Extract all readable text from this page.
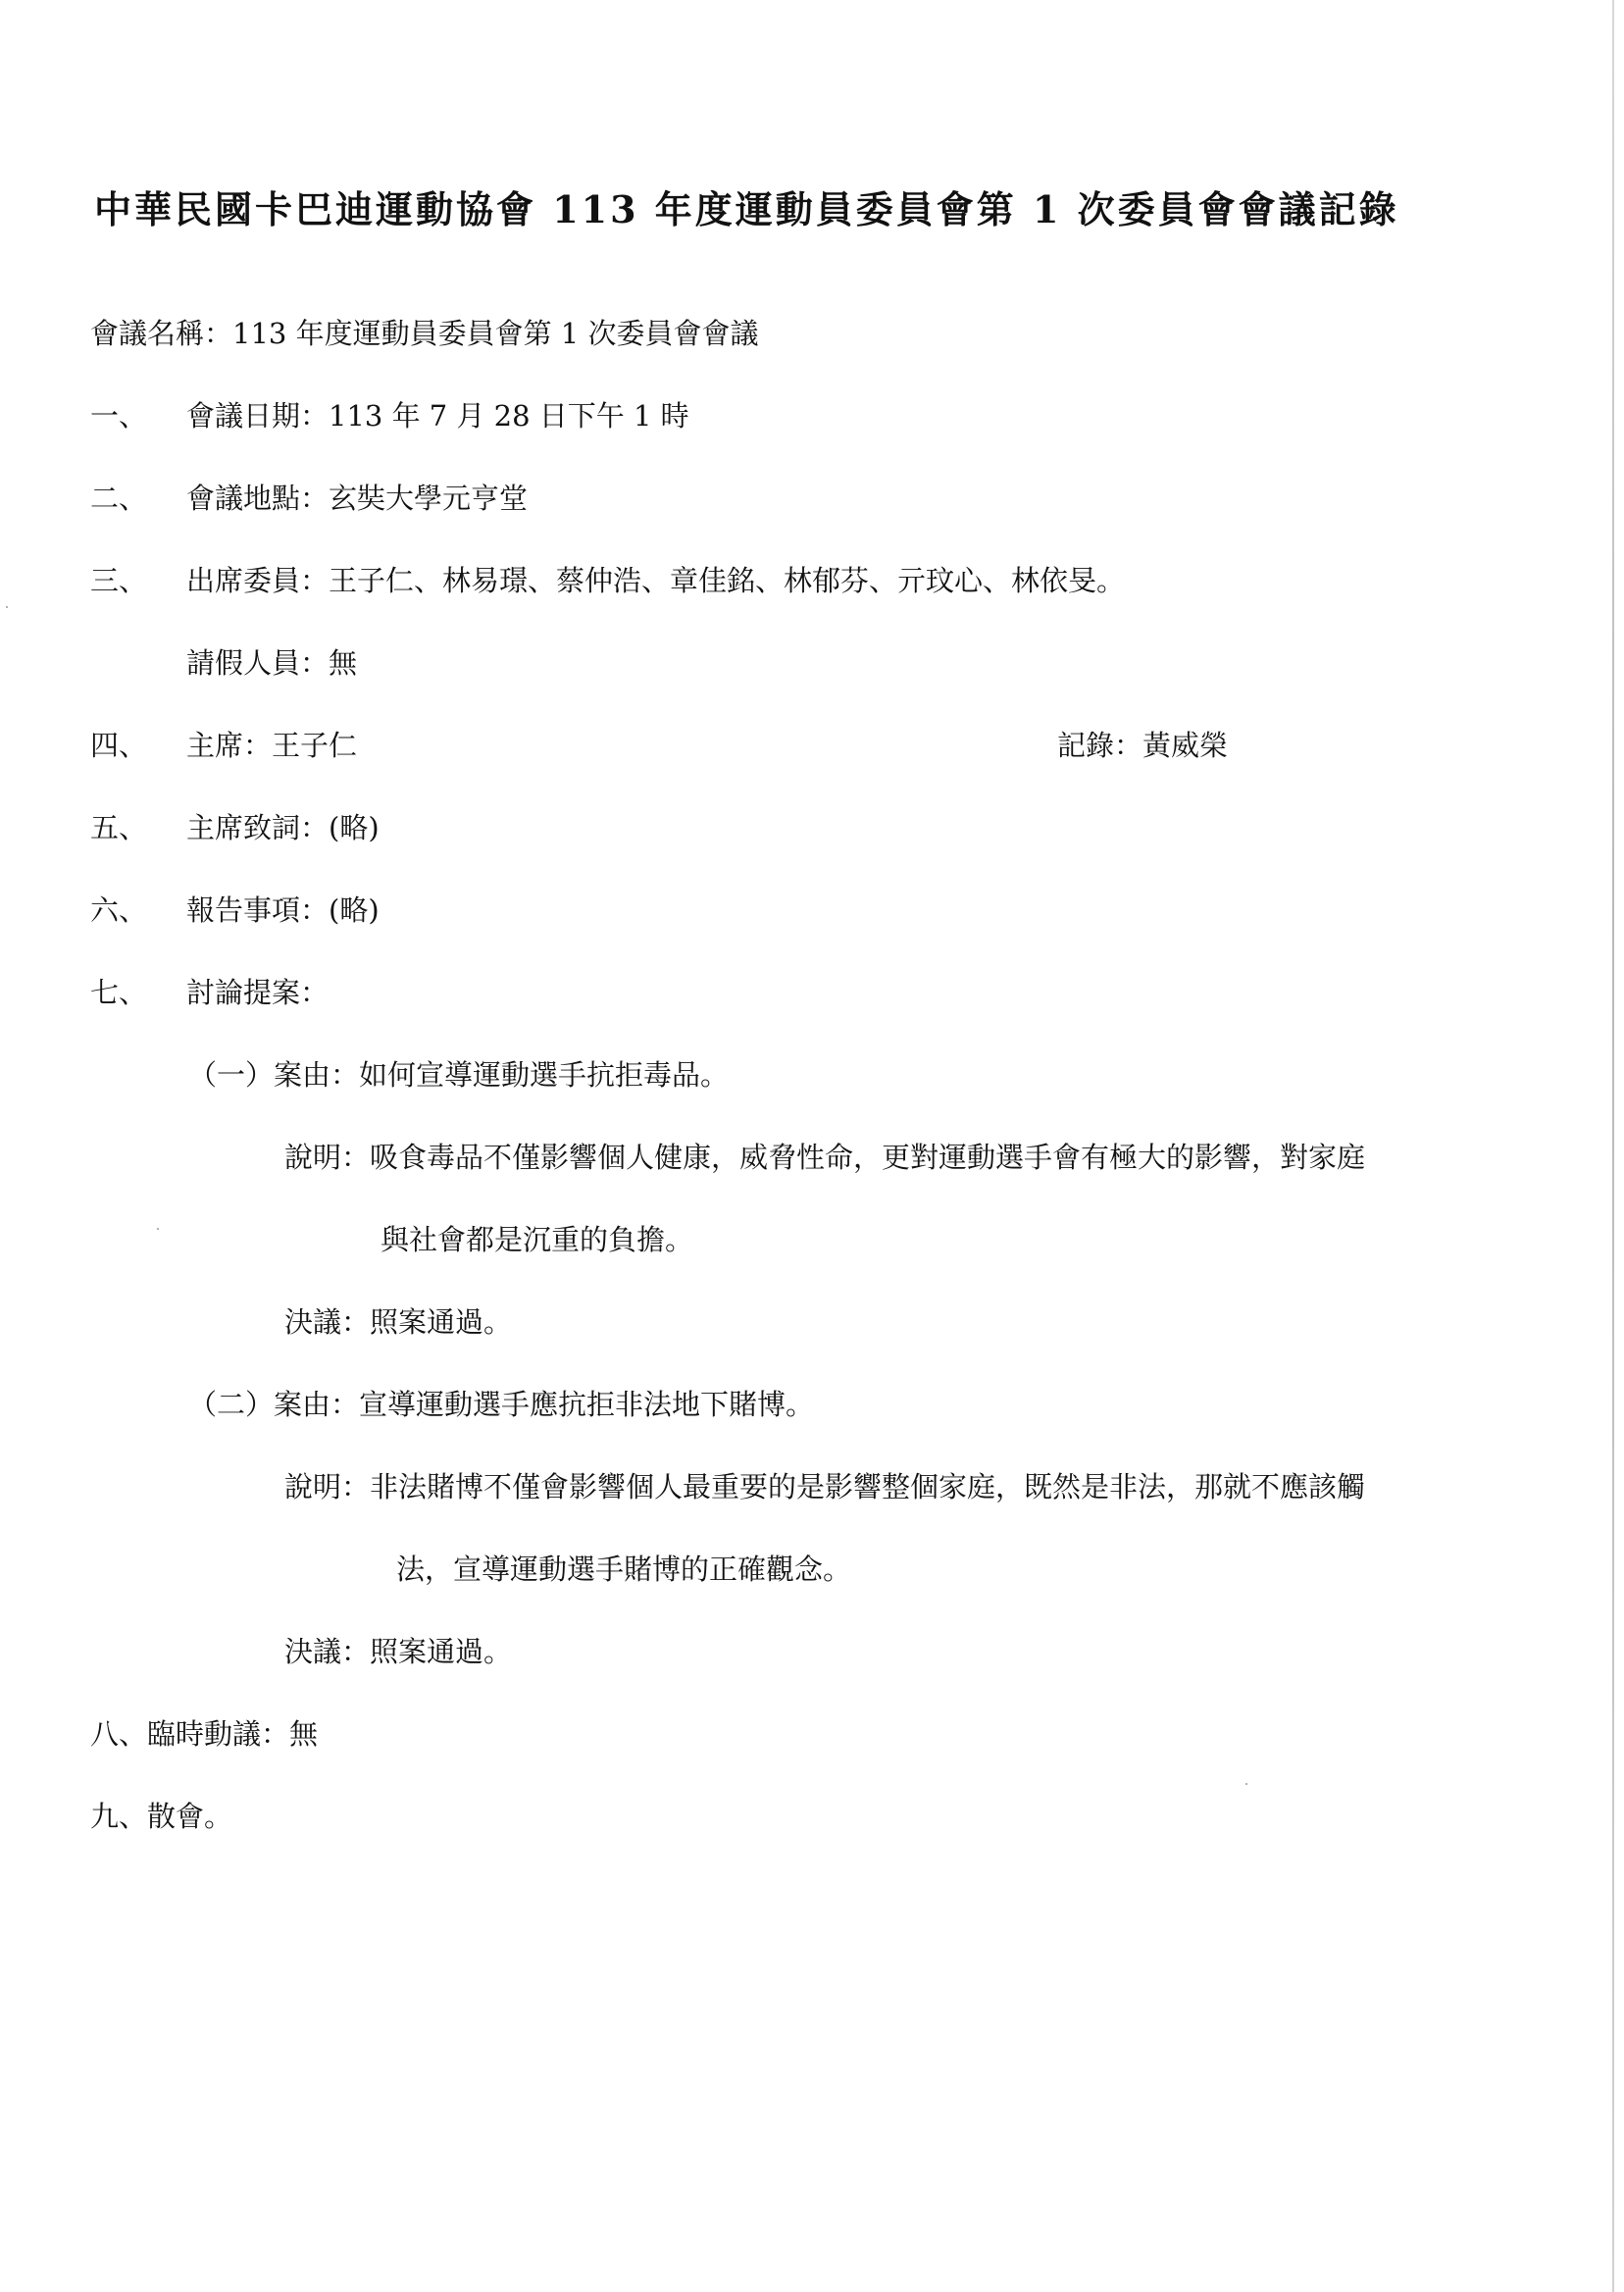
中華民國卡巴迪運動協會 113 年度運動員委員會第 1 次委員會會議記錄
會議名稱：113 年度運動員委員會第 1 次委員會會議
一、 會議日期：113 年 7 月 28 日下午 1 時
二、 會議地點：玄奘大學元亨堂
三、 出席委員：王子仁、林易璟、蔡仲浩、章佳銘、林郁芬、亓玟心、林依旻。
請假人員：無
四、 主席：王子仁	記錄：黃威榮
五、 主席致詞：(略)
六、 報告事項：(略)
七、 討論提案：
（一）案由：如何宣導運動選手抗拒毒品。
說明：吸食毒品不僅影響個人健康，威脅性命，更對運動選手會有極大的影響，對家庭
與社會都是沉重的負擔。
決議：照案通過。
（二）案由：宣導運動選手應抗拒非法地下賭博。
說明：非法賭博不僅會影響個人最重要的是影響整個家庭，既然是非法，那就不應該觸
法，宣導運動選手賭博的正確觀念。
決議：照案通過。
八、臨時動議：無
九、散會。
